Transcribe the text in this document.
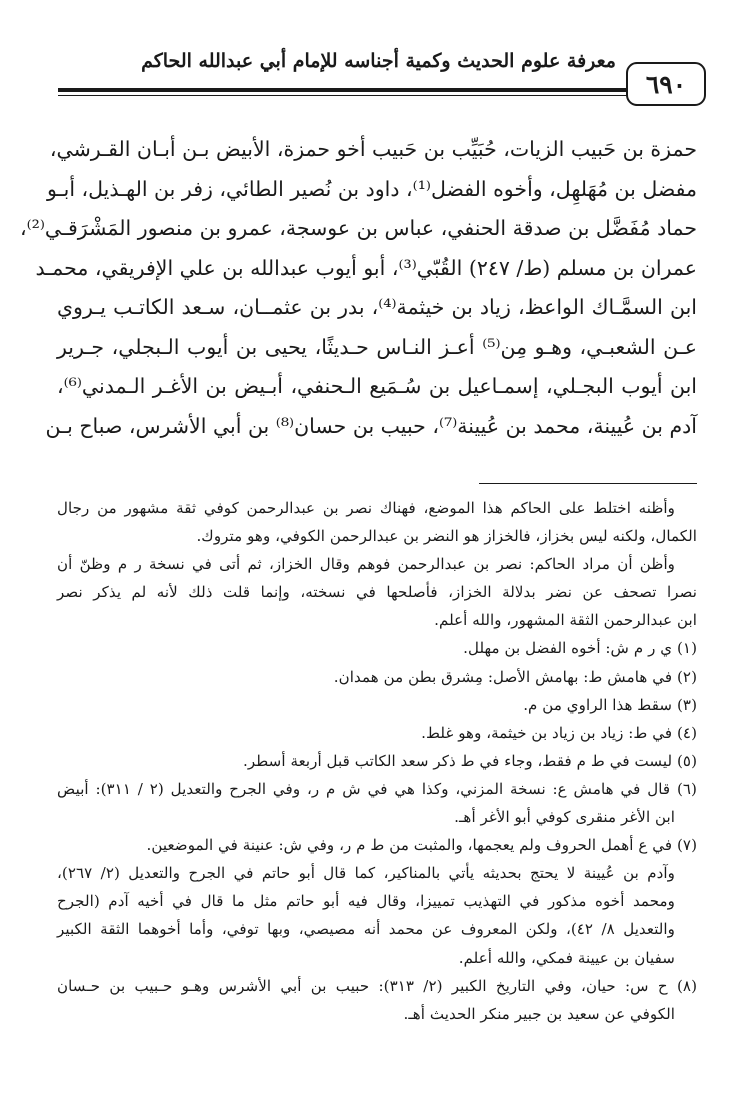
معرفة علوم الحديث وكمية أجناسه للإمام أبي عبدالله الحاكم
٦٩٠
حمزة بن حَبيب الزيات، حُبَيِّب بن حَبيب أخو حمزة، الأبيض بـن أبـان القـرشي،
مفضل بن مُهَلهِل، وأخوه الفضل⁽¹⁾، داود بن نُصير الطائي، زفر بن الهـذيل، أبـو
حماد مُفَضَّل بن صدقة الحنفي، عباس بن عوسجة، عمرو بن منصور المَشْرَقـي⁽²⁾،
عمران بن مسلم (ط/ ٢٤٧) القُبّي⁽³⁾، أبو أيوب عبدالله بن علي الإفريقي، محمـد
ابن السمَّـاك الواعظ، زياد بن خيثمة⁽⁴⁾، بدر بن عثمــان، سـعد الكاتـب يـروي
عـن الشعبـي، وهـو مِن⁽⁵⁾ أعـز النـاس حـديثًا، يحيى بن أيوب الـبجلي، جـرير
ابن أيوب البجـلي، إسمـاعيل بن سُـمَيع الـحنفي، أبـيض بن الأغـر الـمدني⁽⁶⁾،
آدم بن عُيينة، محمد بن عُيينة⁽⁷⁾، حبيب بن حسان⁽⁸⁾ بن أبي الأشرس، صباح بـن
وأظنه اختلط على الحاكم هذا الموضع، فهناك نصر بن عبدالرحمن كوفي ثقة مشهور من رجال
الكمال، ولكنه ليس بخزاز، فالخزاز هو النضر بن عبدالرحمن الكوفي، وهو متروك.
وأظن أن مراد الحاكم: نصر بن عبدالرحمن فوهم وقال الخزاز، ثم أتى في نسخة ر م وظنّ أن
نصرا تصحف عن نضر بدلالة الخزاز، فأصلحها في نسخته، وإنما قلت ذلك لأنه لم يذكر نصر
ابن عبدالرحمن الثقة المشهور، والله أعلم.
(١) ي ر م ش: أخوه الفضل بن مهلل.
(٢) في هامش ط: بهامش الأصل: مِشرق بطن من همدان.
(٣) سقط هذا الراوي من م.
(٤) في ط: زياد بن زياد بن خيثمة، وهو غلط.
(٥) ليست في ط م فقط، وجاء في ط ذكر سعد الكاتب قبل أربعة أسطر.
(٦) قال في هامش ع: نسخة المزني، وكذا هي في ش م ر، وفي الجرح والتعديل (٢ / ٣١١): أبيض
ابن الأغر منقرى كوفي أبو الأغر أهـ.
(٧) في ع أهمل الحروف ولم يعجمها، والمثبت من ط م ر، وفي ش: عنينة في الموضعين.
وآدم بن عُيينة لا يحتج بحديثه يأتي بالمناكير، كما قال أبو حاتم في الجرح والتعديل (٢/ ٢٦٧)،
ومحمد أخوه مذكور في التهذيب تمييزا، وقال فيه أبو حاتم مثل ما قال في أخيه آدم (الجرح
والتعديل ٨/ ٤٢)، ولكن المعروف عن محمد أنه مصيصي، وبها توفي، وأما أخوهما الثقة الكبير
سفيان بن عيينة فمكي، والله أعلم.
(٨) ح س: حيان، وفي التاريخ الكبير (٢/ ٣١٣): حبيب بن أبي الأشرس وهـو حـبيب بن حـسان
الكوفي عن سعيد بن جبير منكر الحديث أهـ.
